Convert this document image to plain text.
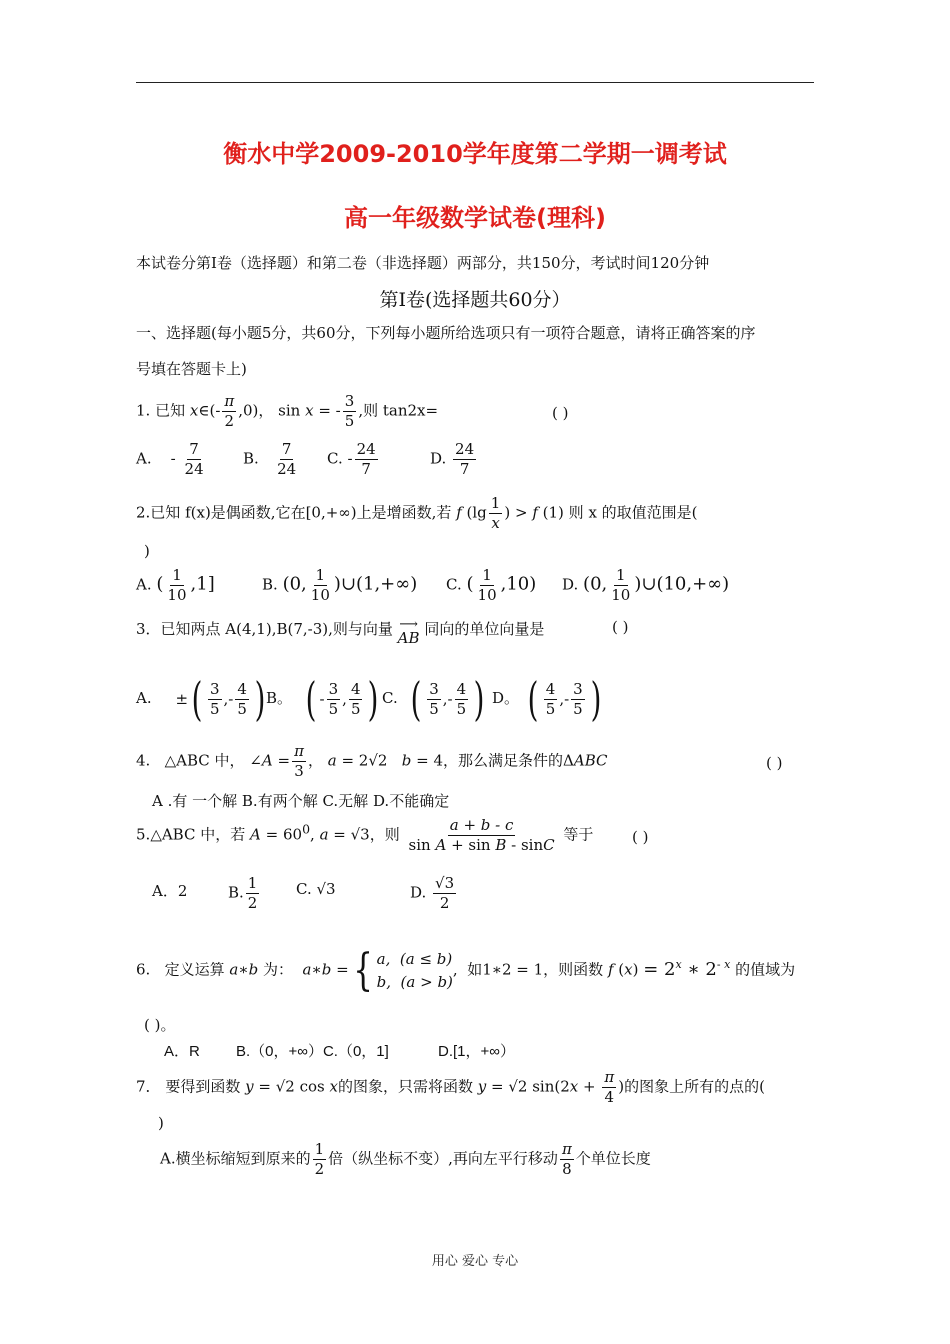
衡水中学2009-2010学年度第二学期一调考试
高一年级数学试卷(理科)
本试卷分第Ⅰ卷（选择题）和第二卷（非选择题）两部分，共150分，考试时间120分钟
第Ⅰ卷(选择题共60分）
一、选择题(每小题5分，共60分，下列每小题所给选项只有一项符合题意，请将正确答案的序
号填在答题卡上)
1. 已知 x∈(- $\frac{\pi}{2} ,0$)， sin x = - $\frac{3}{5}$ ,则 tan2x=	( )
A.    - $\frac{7}{24} B$. $\frac{7}{24} C$. - $\frac{24}{7}$	D. $\frac{24}{7}$
2.已知 f(x)是偶函数,它在[0,+∞)上是增函数,若 f ($\lg \frac{1}{x}$ ) > f (1) 则 x 的取值范围是(
)
A. ( $\frac{1}{10} ,1$]	B. (0, $\frac{1}{10}$ )∪(1,+∞) C. ( $\frac{1}{10} ,10$) D. (0, $\frac{1}{10}$ )∪(10,+∞)
3．已知两点 A(4,1),B(7,-3),则与向量 ⟶
AB 同向的单位向量是	( )
A. ± ( 3
5
,-
4
5 ) B。 ( -
3
5
,
4
5 ) C. ( 3
5
,-
4
5 ) D。 ( 4
5
,-
3
5 )
4. △ABC 中， ∠A = $\frac{\pi}{3}$ ， a = 2√2   b = 4，那么满足条件的ΔABC	( )
A .有 一个解 B.有两个解 C.无解 D.不能确定
5.△ABC 中，若 $A = 60^0$, a = √3，则 $\frac{a + b - c}{\text{sin A + sin B - sinC}}$ 等于	( )
A．2	B. $\frac{1}{2} C$. √3	D. $\frac{√3}{2}$
6. 定义运算 a∗b 为： a∗b ={ a,  (a ≤ b)
b,  (a > b)
,  如1∗2 = 1，则函数 f $(x) = 2^x$ ∗ $2^{- x}$ 的值域为
( )。
A．R B.（0，+∞）C.（0，1]	D.[1，+∞）
7． 要得到函数 y = √2 cos x的图象，只需将函数 y = √2 $\sin(2x + \frac{\pi}{4}$ )的图象上所有的点的(
)
A.横坐标缩短到原来的 $\frac{1}{2}$ 倍（纵坐标不变）,再向左平行移动 $\frac{\pi}{8}$ 个单位长度
用心 爱心 专心
